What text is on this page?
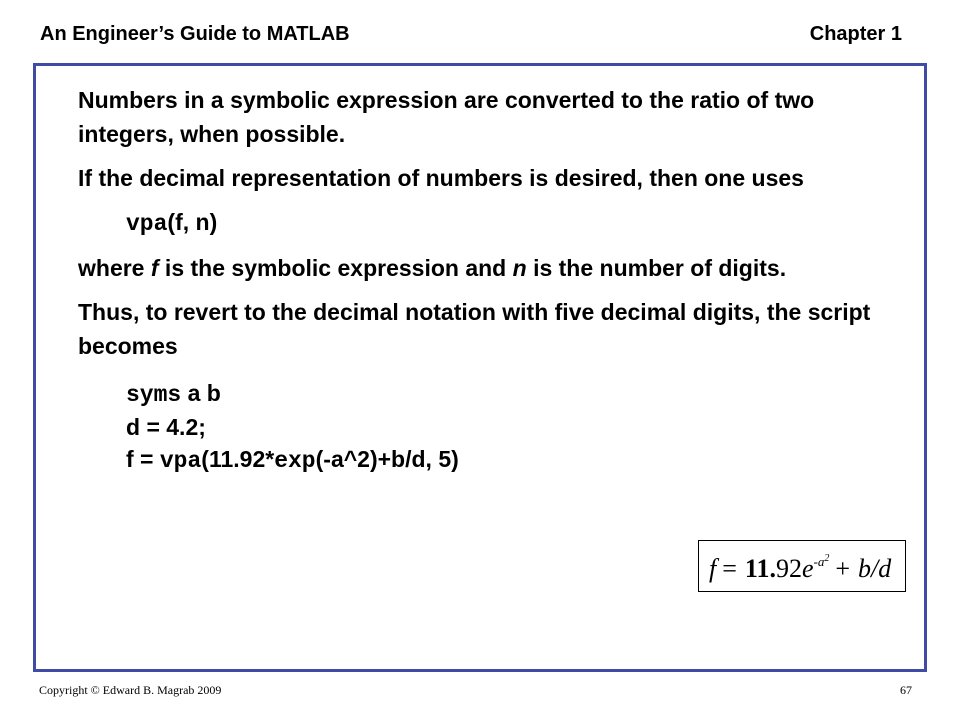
An Engineer’s Guide to MATLAB	Chapter 1

Numbers in a symbolic expression are converted to the ratio of two integers, when possible.

If the decimal representation of numbers is desired, then one uses

vpa(f, n)

where f is the symbolic expression and n is the number of digits.

Thus, to revert to the decimal notation with five decimal digits, the script becomes

syms a b
d = 4.2;
f = vpa(11.92*exp(-a^2)+b/d, 5)
$f = 11.92e^{-a^2} + b/d$
Copyright © Edward B. Magrab 2009	67
